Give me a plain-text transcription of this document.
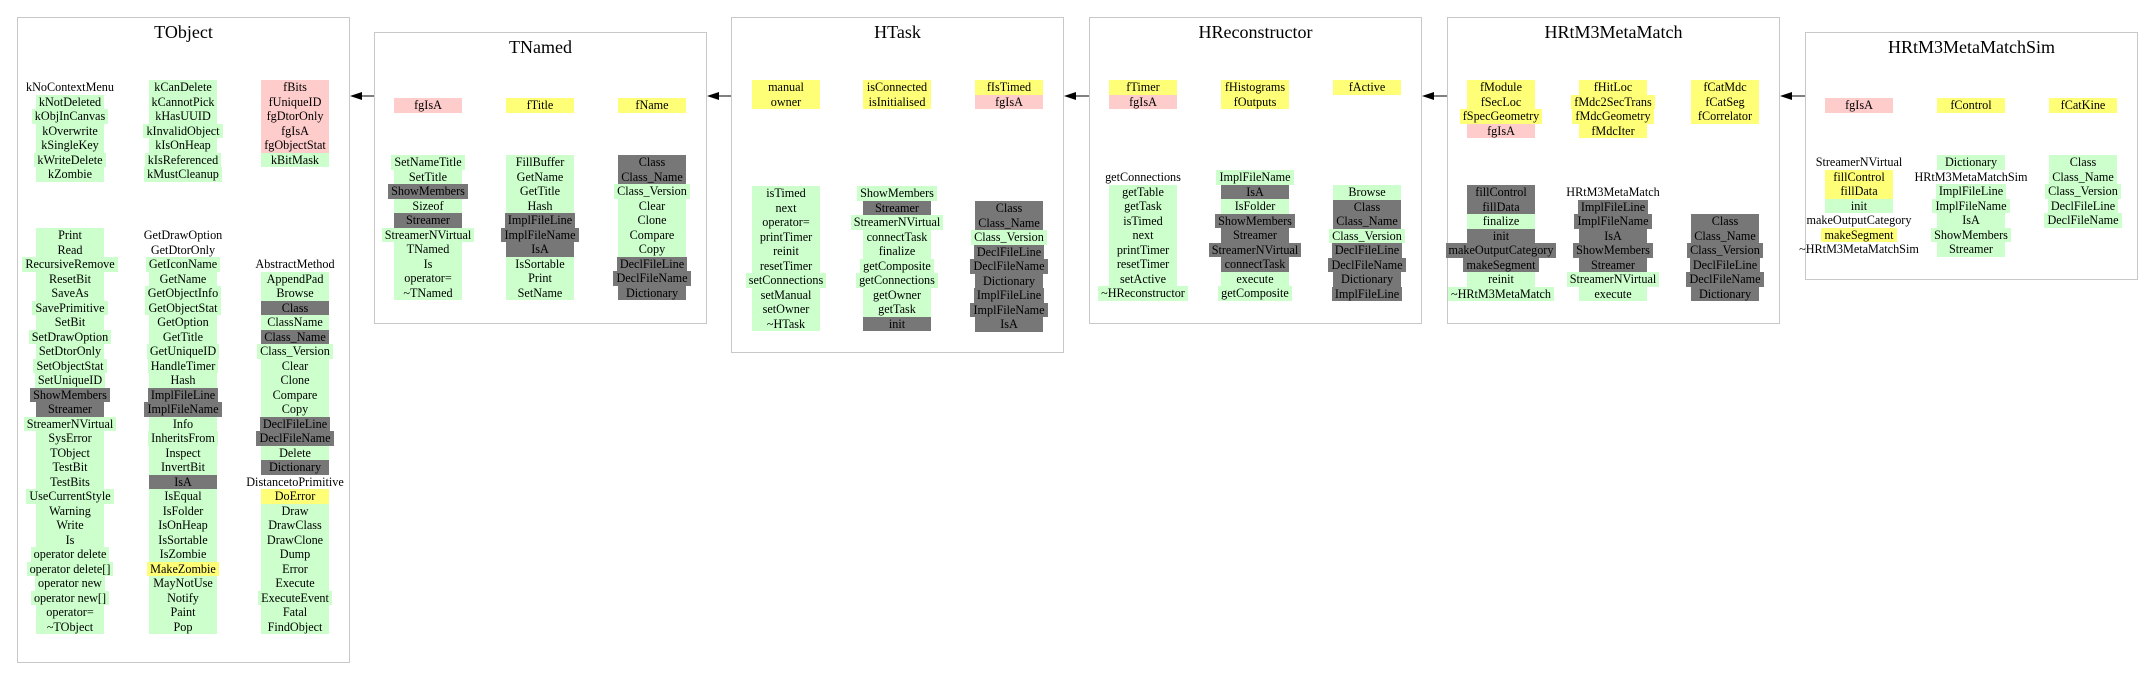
TObject
kNoContextMenu
kNotDeleted
kObjInCanvas
kOverwrite
kSingleKey
kWriteDelete
kZombie
Print
Read
RecursiveRemove
ResetBit
SaveAs
SavePrimitive
SetBit
SetDrawOption
SetDtorOnly
SetObjectStat
SetUniqueID
ShowMembers
Streamer
StreamerNVirtual
SysError
TObject
TestBit
TestBits
UseCurrentStyle
Warning
Write
Is
operator delete
operator delete[]
operator new
operator new[]
operator=
~TObject
kCanDelete
kCannotPick
kHasUUID
kInvalidObject
kIsOnHeap
kIsReferenced
kMustCleanup
GetDrawOption
GetDtorOnly
GetIconName
GetName
GetObjectInfo
GetObjectStat
GetOption
GetTitle
GetUniqueID
HandleTimer
Hash
ImplFileLine
ImplFileName
Info
InheritsFrom
Inspect
InvertBit
IsA
IsEqual
IsFolder
IsOnHeap
IsSortable
IsZombie
MakeZombie
MayNotUse
Notify
Paint
Pop
fBits
fUniqueID
fgDtorOnly
fgIsA
fgObjectStat
kBitMask
AbstractMethod
AppendPad
Browse
Class
ClassName
Class_Name
Class_Version
Clear
Clone
Compare
Copy
DeclFileLine
DeclFileName
Delete
Dictionary
DistancetoPrimitive
DoError
Draw
DrawClass
DrawClone
Dump
Error
Execute
ExecuteEvent
Fatal
FindObject
TNamed
fgIsA
SetNameTitle
SetTitle
ShowMembers
Sizeof
Streamer
StreamerNVirtual
TNamed
Is
operator=
~TNamed
fTitle
FillBuffer
GetName
GetTitle
Hash
ImplFileLine
ImplFileName
IsA
IsSortable
Print
SetName
fName
Class
Class_Name
Class_Version
Clear
Clone
Compare
Copy
DeclFileLine
DeclFileName
Dictionary
HTask
manual
owner
isTimed
next
operator=
printTimer
reinit
resetTimer
setConnections
setManual
setOwner
~HTask
isConnected
isInitialised
ShowMembers
Streamer
StreamerNVirtual
connectTask
finalize
getComposite
getConnections
getOwner
getTask
init
fIsTimed
fgIsA
Class
Class_Name
Class_Version
DeclFileLine
DeclFileName
Dictionary
ImplFileLine
ImplFileName
IsA
HReconstructor
fTimer
fgIsA
getConnections
getTable
getTask
isTimed
next
printTimer
resetTimer
setActive
~HReconstructor
fHistograms
fOutputs
ImplFileName
IsA
IsFolder
ShowMembers
Streamer
StreamerNVirtual
connectTask
execute
getComposite
fActive
Browse
Class
Class_Name
Class_Version
DeclFileLine
DeclFileName
Dictionary
ImplFileLine
HRtM3MetaMatch
fModule
fSecLoc
fSpecGeometry
fgIsA
fillControl
fillData
finalize
init
makeOutputCategory
makeSegment
reinit
~HRtM3MetaMatch
fHitLoc
fMdc2SecTrans
fMdcGeometry
fMdcIter
HRtM3MetaMatch
ImplFileLine
ImplFileName
IsA
ShowMembers
Streamer
StreamerNVirtual
execute
fCatMdc
fCatSeg
fCorrelator
Class
Class_Name
Class_Version
DeclFileLine
DeclFileName
Dictionary
HRtM3MetaMatchSim
fgIsA
StreamerNVirtual
fillControl
fillData
init
makeOutputCategory
makeSegment
~HRtM3MetaMatchSim
fControl
Dictionary
HRtM3MetaMatchSim
ImplFileLine
ImplFileName
IsA
ShowMembers
Streamer
fCatKine
Class
Class_Name
Class_Version
DeclFileLine
DeclFileName
